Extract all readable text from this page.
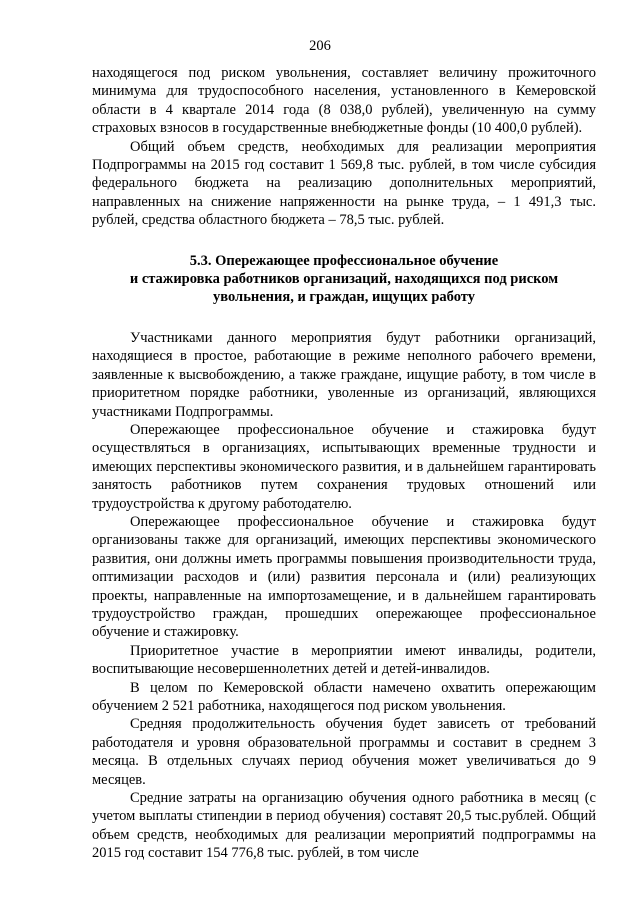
206

находящегося под риском увольнения, составляет величину прожиточного минимума для трудоспособного населения, установленного в Кемеровской области в 4 квартале 2014 года (8 038,0 рублей), увеличенную на сумму страховых взносов в государственные внебюджетные фонды (10 400,0 рублей).

Общий объем средств, необходимых для реализации мероприятия Подпрограммы на 2015 год составит 1 569,8 тыс. рублей, в том числе субсидия федерального бюджета на реализацию дополнительных мероприятий, направленных на снижение напряженности на рынке труда, – 1 491,3 тыс. рублей, средства областного бюджета – 78,5 тыс. рублей.

5.3. Опережающее профессиональное обучение
и стажировка работников организаций, находящихся под риском
увольнения, и граждан, ищущих работу

Участниками данного мероприятия будут работники организаций, находящиеся в простое, работающие в режиме неполного рабочего времени, заявленные к высвобождению, а также граждане, ищущие работу, в том числе в приоритетном порядке работники, уволенные из организаций, являющихся участниками Подпрограммы.

Опережающее профессиональное обучение и стажировка будут осуществляться в организациях, испытывающих временные трудности и имеющих перспективы экономического развития, и в дальнейшем гарантировать занятость работников путем сохранения трудовых отношений или трудоустройства к другому работодателю.

Опережающее профессиональное обучение и стажировка будут организованы также для организаций, имеющих перспективы экономического развития, они должны иметь программы повышения производительности труда, оптимизации расходов и (или) развития персонала и (или) реализующих проекты, направленные на импортозамещение, и в дальнейшем гарантировать трудоустройство граждан, прошедших опережающее профессиональное обучение и стажировку.

Приоритетное участие в мероприятии имеют инвалиды, родители, воспитывающие несовершеннолетних детей и детей-инвалидов.

В целом по Кемеровской области намечено охватить опережающим обучением 2 521 работника, находящегося под риском увольнения.

Средняя продолжительность обучения будет зависеть от требований работодателя и уровня образовательной программы и составит в среднем 3 месяца. В отдельных случаях период обучения может увеличиваться до 9 месяцев.

Средние затраты на организацию обучения одного работника в месяц (с учетом выплаты стипендии в период обучения) составят 20,5 тыс.рублей. Общий объем средств, необходимых для реализации мероприятий подпрограммы на 2015 год составит 154 776,8 тыс. рублей, в том числе
